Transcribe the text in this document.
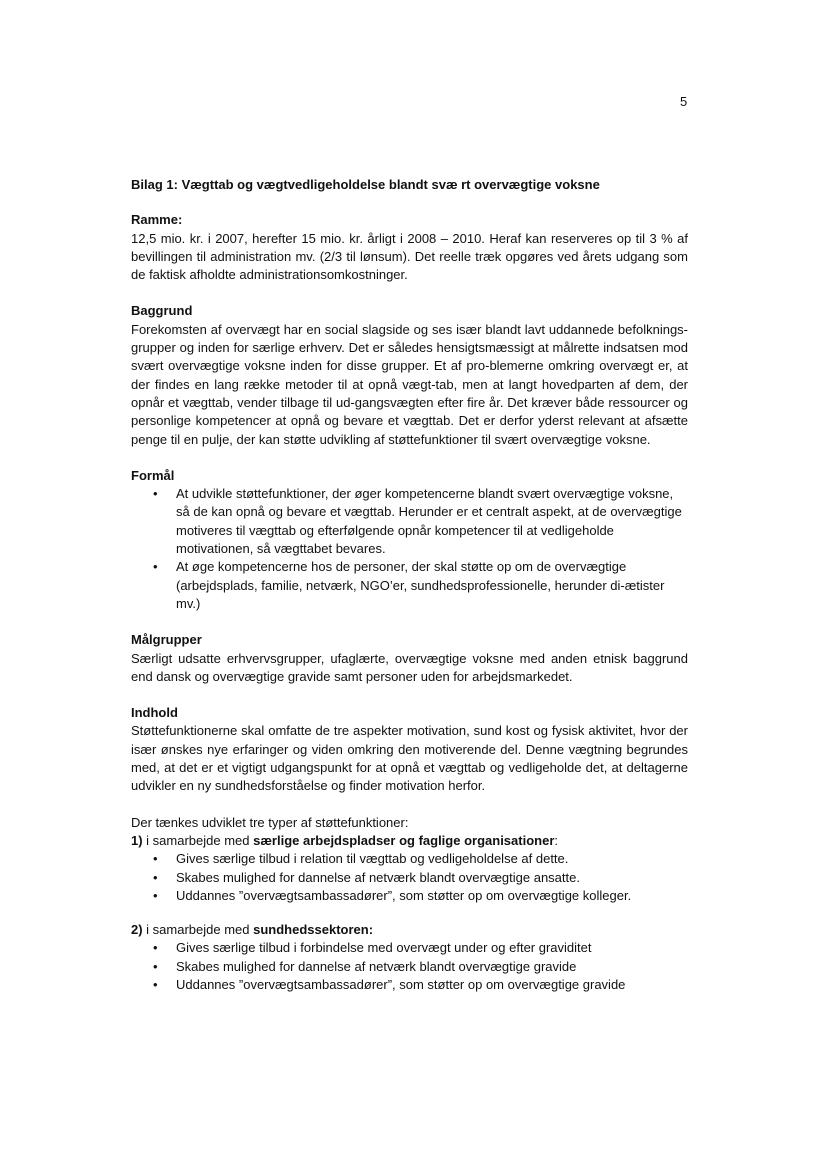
5
Bilag 1: Vægttab og vægtvedligeholdelse blandt svæ rt overvægtige voksne
Ramme:

12,5 mio. kr. i 2007, herefter 15 mio. kr. årligt i 2008 – 2010. Heraf kan reserveres op til 3 % af bevillingen til administration mv. (2/3 til lønsum). Det reelle træk opgøres ved årets udgang som de faktisk afholdte administrationsomkostninger.

Baggrund

Forekomsten af overvægt har en social slagside og ses især blandt lavt uddannede befolknings-grupper og inden for særlige erhverv. Det er således hensigtsmæssigt at målrette indsatsen mod svært overvægtige voksne inden for disse grupper. Et af pro-blemerne omkring overvægt er, at der findes en lang række metoder til at opnå vægt-tab, men at langt hovedparten af dem, der opnår et vægttab, vender tilbage til ud-gangsvægten efter fire år. Det kræver både ressourcer og personlige kompetencer at opnå og bevare et vægttab. Det er derfor yderst relevant at afsætte penge til en pulje, der kan støtte udvikling af støttefunktioner til svært overvægtige voksne.

Formål
• At udvikle støttefunktioner, der øger kompetencerne blandt svært overvægtige voksne, så de kan opnå og bevare et vægttab. Herunder er et centralt aspekt, at de overvægtige motiveres til vægttab og efterfølgende opnår kompetencer til at vedligeholde motivationen, så vægttabet bevares.
• At øge kompetencerne hos de personer, der skal støtte op om de overvægtige (arbejdsplads, familie, netværk, NGO’er, sundhedsprofessionelle, herunder di-ætister mv.)
Målgrupper

Særligt udsatte erhvervsgrupper, ufaglærte, overvægtige voksne med anden etnisk baggrund end dansk og overvægtige gravide samt personer uden for arbejdsmarkedet.

Indhold

Støttefunktionerne skal omfatte de tre aspekter motivation, sund kost og fysisk aktivitet, hvor der især ønskes nye erfaringer og viden omkring den motiverende del. Denne vægtning begrundes med, at det er et vigtigt udgangspunkt for at opnå et vægttab og vedligeholde det, at deltagerne udvikler en ny sundhedsforståelse og finder motivation herfor.

Der tænkes udviklet tre typer af støttefunktioner:
1) i samarbejde med særlige arbejdspladser og faglige organisationer:
• Gives særlige tilbud i relation til vægttab og vedligeholdelse af dette.
• Skabes mulighed for dannelse af netværk blandt overvægtige ansatte.
• Uddannes ”overvægtsambassadører”, som støtter op om overvægtige kolleger.
2) i samarbejde med sundhedssektoren:
• Gives særlige tilbud i forbindelse med overvægt under og efter graviditet
• Skabes mulighed for dannelse af netværk blandt overvægtige gravide
• Uddannes ”overvægtsambassadører”, som støtter op om overvægtige gravide
